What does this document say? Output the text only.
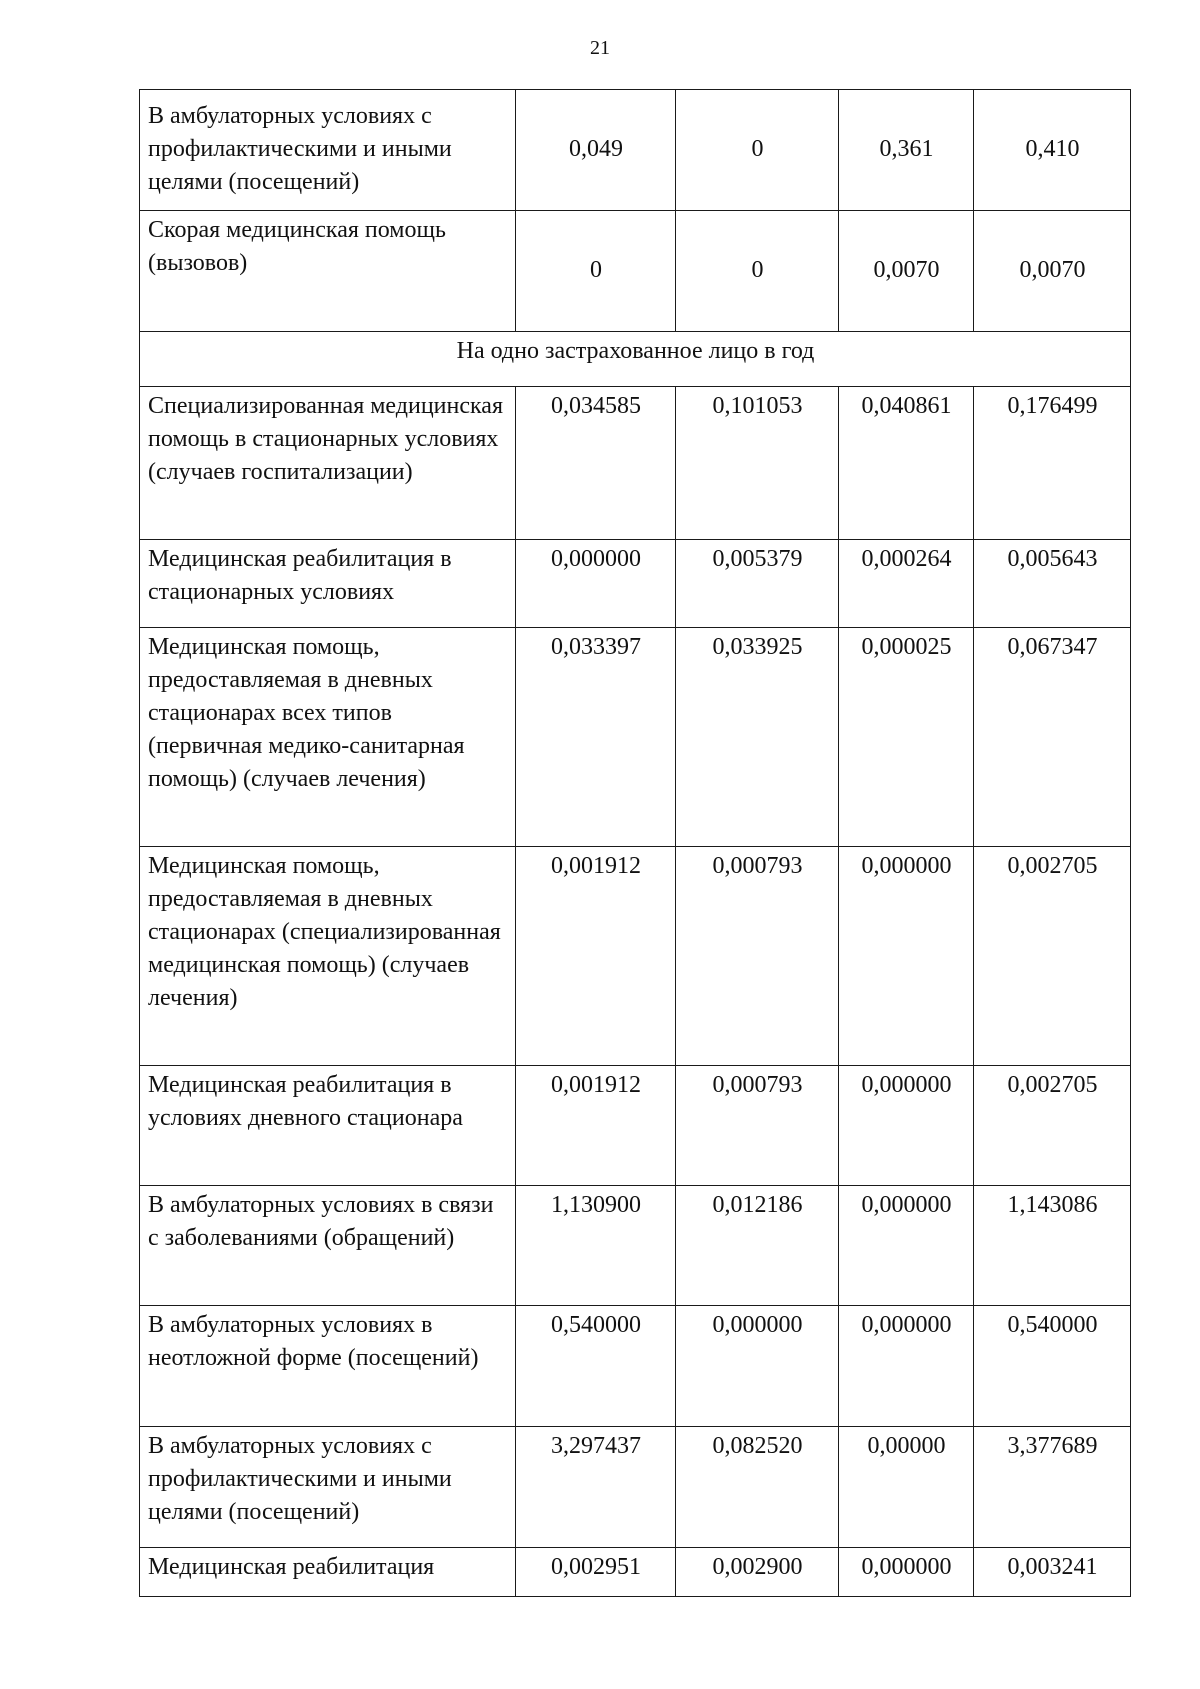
21
В амбулаторных условиях с профилактическими и иными целями (посещений)	0,049	0	0,361	0,410
Скорая медицинская помощь (вызовов)	0	0	0,0070	0,0070
На одно застрахованное лицо в год				
Специализированная медицинская помощь в стационарных условиях (случаев госпитализации)	0,034585	0,101053	0,040861	0,176499
Медицинская реабилитация в стационарных условиях	0,000000	0,005379	0,000264	0,005643
Медицинская помощь, предоставляемая в дневных стационарах всех типов (первичная медико-санитарная помощь) (случаев лечения)	0,033397	0,033925	0,000025	0,067347
Медицинская помощь, предоставляемая в дневных стационарах (специализированная медицинская помощь) (случаев лечения)	0,001912	0,000793	0,000000	0,002705
Медицинская реабилитация в условиях дневного стационара	0,001912	0,000793	0,000000	0,002705
В амбулаторных условиях в связи с заболеваниями (обращений)	1,130900	0,012186	0,000000	1,143086
В амбулаторных условиях в неотложной форме (посещений)	0,540000	0,000000	0,000000	0,540000
В амбулаторных условиях с профилактическими и иными целями (посещений)	3,297437	0,082520	0,00000	3,377689
Медицинская реабилитация	0,002951	0,002900	0,000000	0,003241
